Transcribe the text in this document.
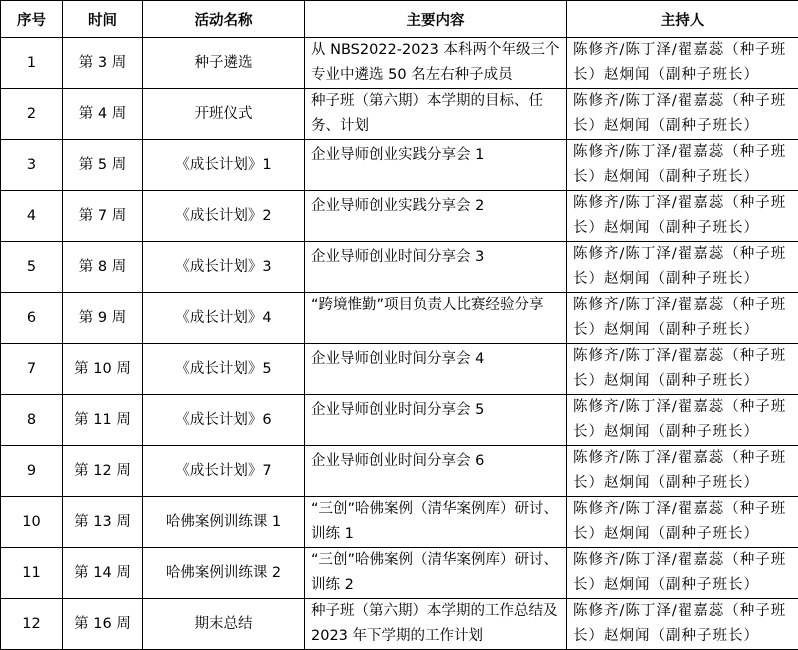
序号	时间	活动名称	主要内容	主持人
1	第 3 周	种子遴选	从 NBS2022-2023 本科两个年级三个专业中遴选 50 名左右种子成员	陈修齐/陈丁泽/翟嘉蕊（种子班长）赵炯闻（副种子班长）
2	第 4 周	开班仪式	种子班（第六期）本学期的目标、任务、计划	陈修齐/陈丁泽/翟嘉蕊（种子班长）赵炯闻（副种子班长）
3	第 5 周	《成长计划》1	企业导师创业实践分享会 1	陈修齐/陈丁泽/翟嘉蕊（种子班长）赵炯闻（副种子班长）
4	第 7 周	《成长计划》2	企业导师创业实践分享会 2	陈修齐/陈丁泽/翟嘉蕊（种子班长）赵炯闻（副种子班长）
5	第 8 周	《成长计划》3	企业导师创业时间分享会 3	陈修齐/陈丁泽/翟嘉蕊（种子班长）赵炯闻（副种子班长）
6	第 9 周	《成长计划》4	“跨境惟勤”项目负责人比赛经验分享	陈修齐/陈丁泽/翟嘉蕊（种子班长）赵炯闻（副种子班长）
7	第 10 周	《成长计划》5	企业导师创业时间分享会 4	陈修齐/陈丁泽/翟嘉蕊（种子班长）赵炯闻（副种子班长）
8	第 11 周	《成长计划》6	企业导师创业时间分享会 5	陈修齐/陈丁泽/翟嘉蕊（种子班长）赵炯闻（副种子班长）
9	第 12 周	《成长计划》7	企业导师创业时间分享会 6	陈修齐/陈丁泽/翟嘉蕊（种子班长）赵炯闻（副种子班长）
10	第 13 周	哈佛案例训练课 1	“三创”哈佛案例（清华案例库）研讨、训练 1	陈修齐/陈丁泽/翟嘉蕊（种子班长）赵炯闻（副种子班长）
11	第 14 周	哈佛案例训练课 2	“三创”哈佛案例（清华案例库）研讨、训练 2	陈修齐/陈丁泽/翟嘉蕊（种子班长）赵炯闻（副种子班长）
12	第 16 周	期末总结	种子班（第六期）本学期的工作总结及 2023 年下学期的工作计划	陈修齐/陈丁泽/翟嘉蕊（种子班长）赵炯闻（副种子班长）
